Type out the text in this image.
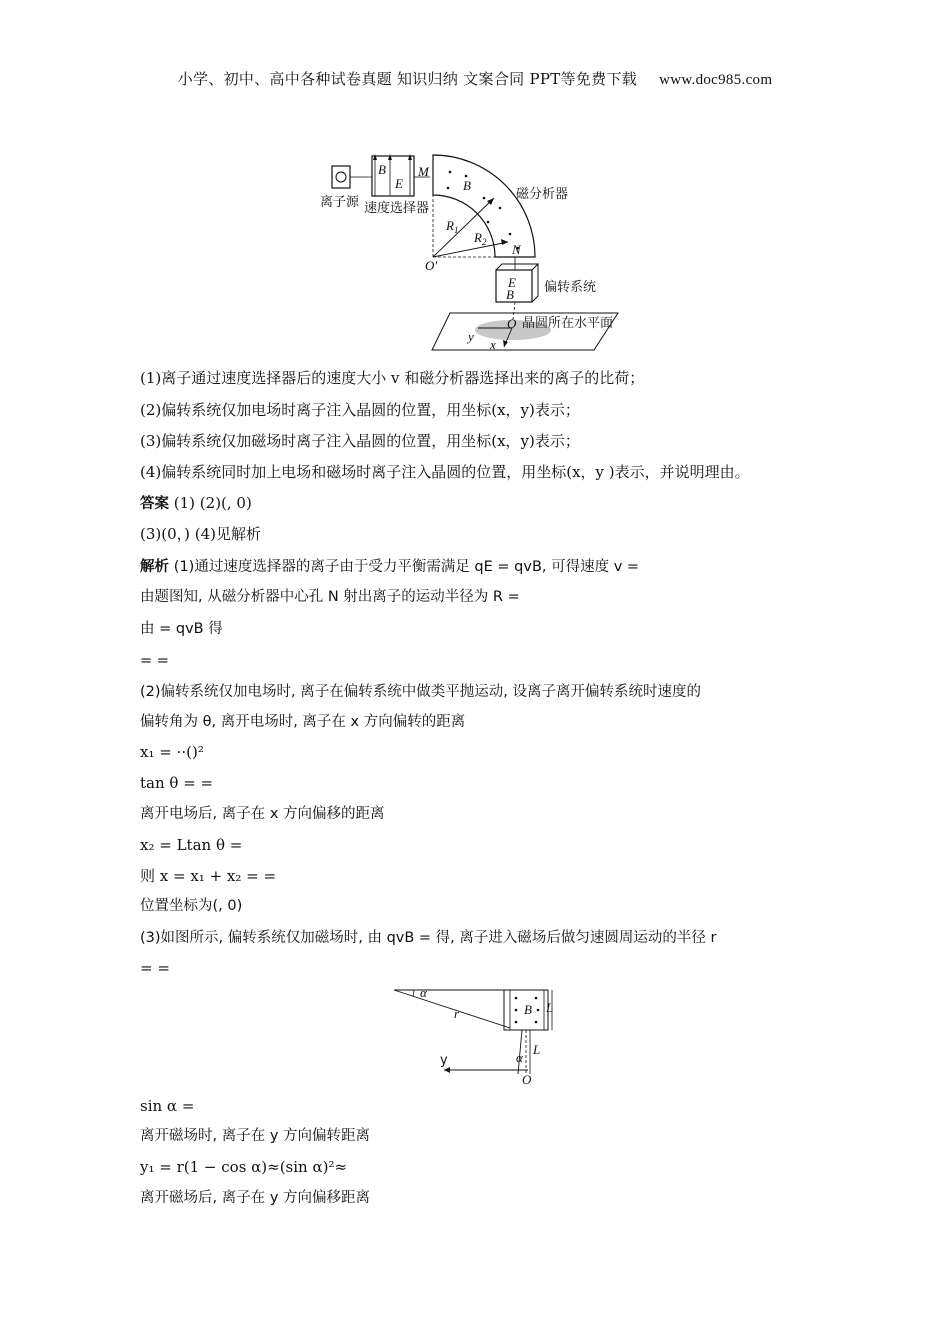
小学、初中、高中各种试卷真题 知识归纳 文案合同 PPT等免费下载 www.doc985.com
B
E
M
B
磁分析器
$R_1$ $R_2$
O′
N
离子源 速度选择器
E
B 偏转系统
O 晶圆所在水平面
y
x
(1)离子通过速度选择器后的速度大小 v 和磁分析器选择出来的离子的比荷；
(2)偏转系统仅加电场时离子注入晶圆的位置，用坐标(x，y)表示；
(3)偏转系统仅加磁场时离子注入晶圆的位置，用坐标(x，y)表示；
(4)偏转系统同时加上电场和磁场时离子注入晶圆的位置，用坐标(x，y )表示，并说明理由。
答案 (1) (2)(, 0)
(3)(0，) (4)见解析
解析 (1)通过速度选择器的离子由于受力平衡需满足 qE = qvB, 可得速度 v =
由题图知, 从磁分析器中心孔 N 射出离子的运动半径为 R =
由 = qvB 得
= =
(2)偏转系统仅加电场时, 离子在偏转系统中做类平抛运动, 设离子离开偏转系统时速度的
偏转角为 θ, 离开电场时, 离子在 x 方向偏转的距离
x₁ = ··()²
tan θ = =
离开电场后, 离子在 x 方向偏移的距离
x₂ = Ltan θ =
则 x = x₁ + x₂ = =
位置坐标为(, 0)
(3)如图所示, 偏转系统仅加磁场时, 由 qvB = 得, 离子进入磁场后做匀速圆周运动的半径 r
= =
α
r	B L
α
L
y
O
sin α =
离开磁场时, 离子在 y 方向偏转距离
y₁ = r(1 − cos α)≈(sin α)²≈
离开磁场后, 离子在 y 方向偏移距离
